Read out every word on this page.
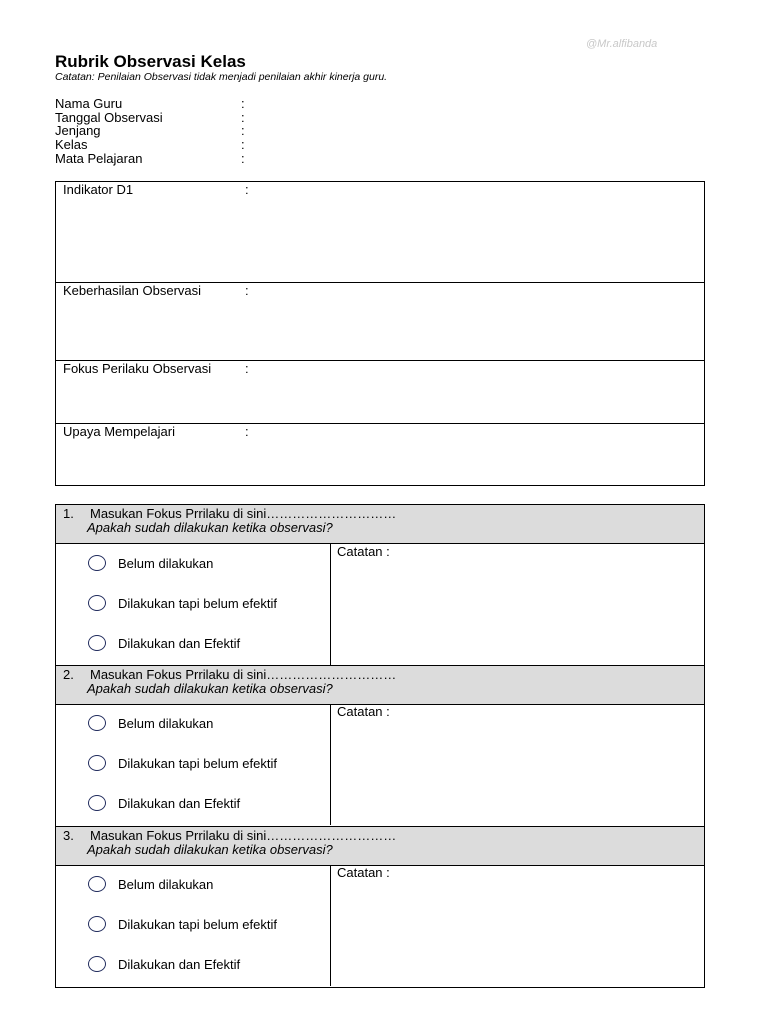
@Mr.alfibanda
Rubrik Observasi Kelas
Catatan: Penilaian Observasi tidak menjadi penilaian akhir kinerja guru.
Nama Guru	:
Tanggal Observasi	:
Jenjang	:
Kelas	:
Mata Pelajaran	:
Indikator D1	:
Keberhasilan Observasi	:
Fokus Perilaku Observasi	:
Upaya Mempelajari	:
1. Masukan Fokus Prrilaku di sini…………………………
Apakah sudah dilakukan ketika observasi?
Belum dilakukan
Dilakukan tapi belum efektif
Dilakukan dan Efektif
Catatan :
2. Masukan Fokus Prrilaku di sini…………………………
Apakah sudah dilakukan ketika observasi?
Belum dilakukan
Dilakukan tapi belum efektif
Dilakukan dan Efektif
Catatan :
3. Masukan Fokus Prrilaku di sini…………………………
Apakah sudah dilakukan ketika observasi?
Belum dilakukan
Dilakukan tapi belum efektif
Dilakukan dan Efektif
Catatan :
